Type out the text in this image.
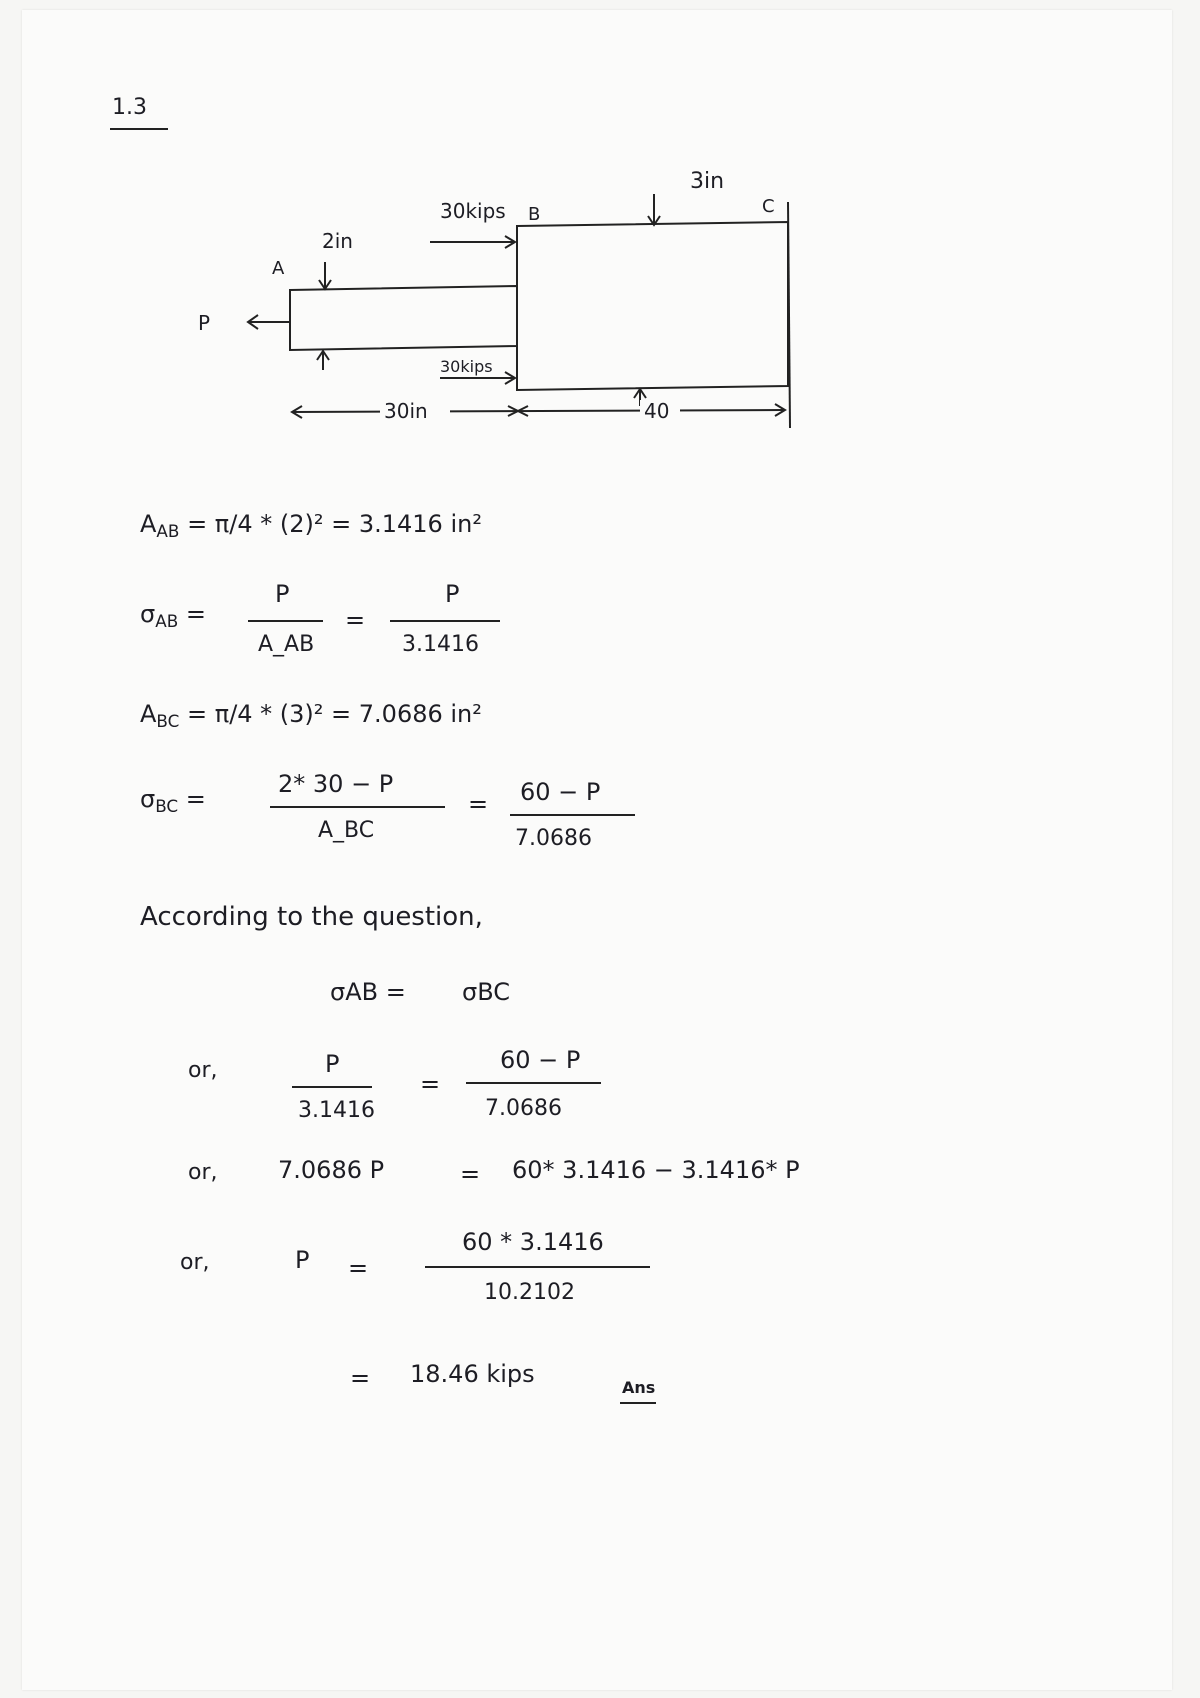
1.3
30in	40
3in
30kips B	C
2in
A
P
30kips
$A_{AB} = \pi/4 * (2)^2 = 3.1416$ in²
$\sigma_{AB}$ =
P
A_AB
=
P
3.1416
$A_{BC} = \pi/4 * (3)^2 = 7.0686$ in²
$\sigma_{BC}$ =
2* 30 − P
A_BC
= 60 − P
7.0686
According to the question,
σAB = σBC
or,	P
3.1416
=
60 − P
7.0686
or,	7.0686 P	= 60* 3.1416 − 3.1416* P
or,	P =
60 * 3.1416
10.2102
= 18.46 kips	Ans
